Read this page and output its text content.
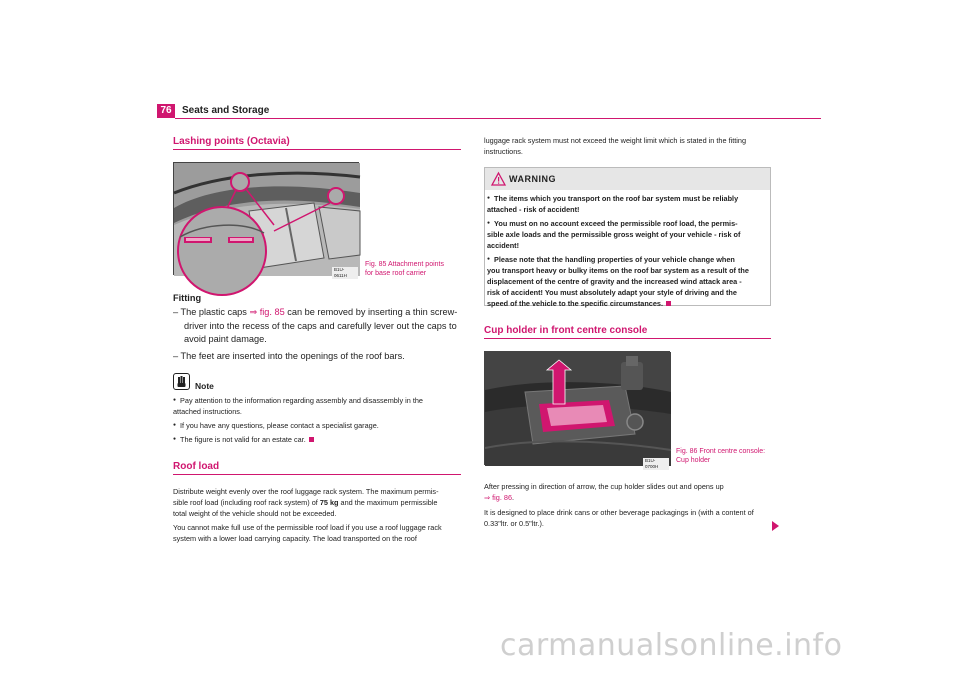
76	Seats and Storage
Lashing points (Octavia)
B1U-0611H
Fig. 85 Attachment points
for base roof carrier
Fitting
– The plastic caps ⇒ fig. 85 can be removed by inserting a thin screw-
driver into the recess of the caps and carefully lever out the caps to
avoid paint damage.
– The feet are inserted into the openings of the roof bars.
Note
● Pay attention to the information regarding assembly and disassembly in the
attached instructions.
● If you have any questions, please contact a specialist garage.
● The figure is not valid for an estate car.
Roof load
Distribute weight evenly over the roof luggage rack system. The maximum permis-
sible roof load (including roof rack system) of 75 kg and the maximum permissible
total weight of the vehicle should not be exceeded.
You cannot make full use of the permissible roof load if you use a roof luggage rack
system with a lower load carrying capacity. The load transported on the roof
luggage rack system must not exceed the weight limit which is stated in the fitting
instructions.
WARNING
● The items which you transport on the roof bar system must be reliably
attached - risk of accident!
● You must on no account exceed the permissible roof load, the permis-
sible axle loads and the permissible gross weight of your vehicle - risk of
accident!
● Please note that the handling properties of your vehicle change when
you transport heavy or bulky items on the roof bar system as a result of the
displacement of the centre of gravity and the increased wind attack area -
risk of accident! You must absolutely adapt your style of driving and the
speed of the vehicle to the specific circumstances.
Cup holder in front centre console
B1U-0700H
Fig. 86 Front centre console:
Cup holder
After pressing in direction of arrow, the cup holder slides out and opens up
⇒ fig. 86.
It is designed to place drink cans or other beverage packagings in (with a content of
0.33"ltr. or 0.5"ltr.).
carmanualsonline.info
